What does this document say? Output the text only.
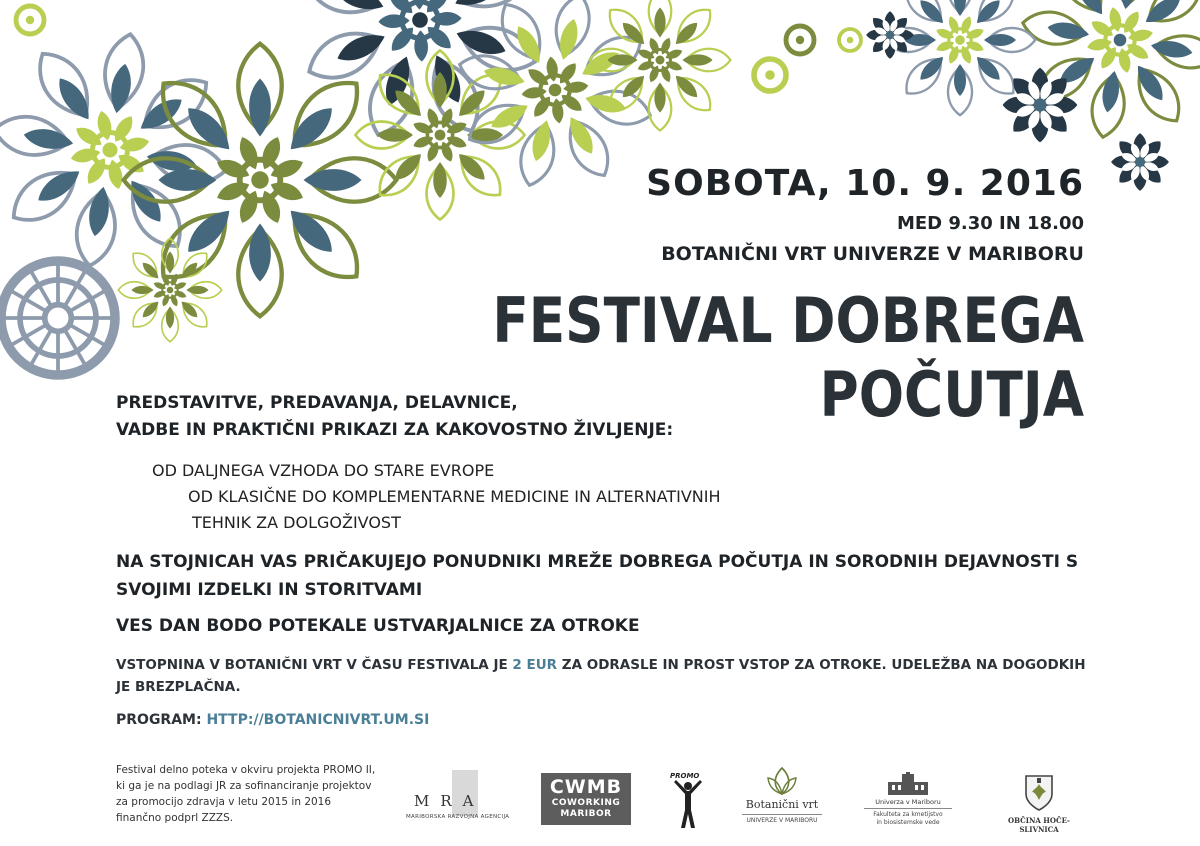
SOBOTA, 10. 9. 2016
MED 9.30 IN 18.00
BOTANIČNI VRT UNIVERZE V MARIBORU
FESTIVAL DOBREGA
POČUTJA
PREDSTAVITVE, PREDAVANJA, DELAVNICE,
VADBE IN PRAKTIČNI PRIKAZI ZA KAKOVOSTNO ŽIVLJENJE:
OD DALJNEGA VZHODA DO STARE EVROPE
OD KLASIČNE DO KOMPLEMENTARNE MEDICINE IN ALTERNATIVNIH
TEHNIK ZA DOLGOŽIVOST
NA STOJNICAH VAS PRIČAKUJEJO PONUDNIKI MREŽE DOBREGA POČUTJA IN SORODNIH DEJAVNOSTI S SVOJIMI IZDELKI IN STORITVAMI
VES DAN BODO POTEKALE USTVARJALNICE ZA OTROKE
VSTOPNINA V BOTANIČNI VRT V ČASU FESTIVALA JE 2 EUR ZA ODRASLE IN PROST VSTOP ZA OTROKE. UDELEŽBA NA DOGODKIH JE BREZPLAČNA.
PROGRAM: HTTP://BOTANICNIVRT.UM.SI
Festival delno poteka v okviru projekta PROMO II, ki ga je na podlagi JR za sofinanciranje projektov za promocijo zdravja v letu 2015 in 2016 finančno podprl ZZZS.
MRA
MARIBORSKA RAZVOJNA AGENCIJA
CWMB
COWORKING
MARIBOR
PROMO
Botanični vrt
UNIVERZE V MARIBORU
Univerza v Mariboru
Fakulteta za kmetijstvo
in biosistemske vede	OBČINA HOČE-SLIVNICA
